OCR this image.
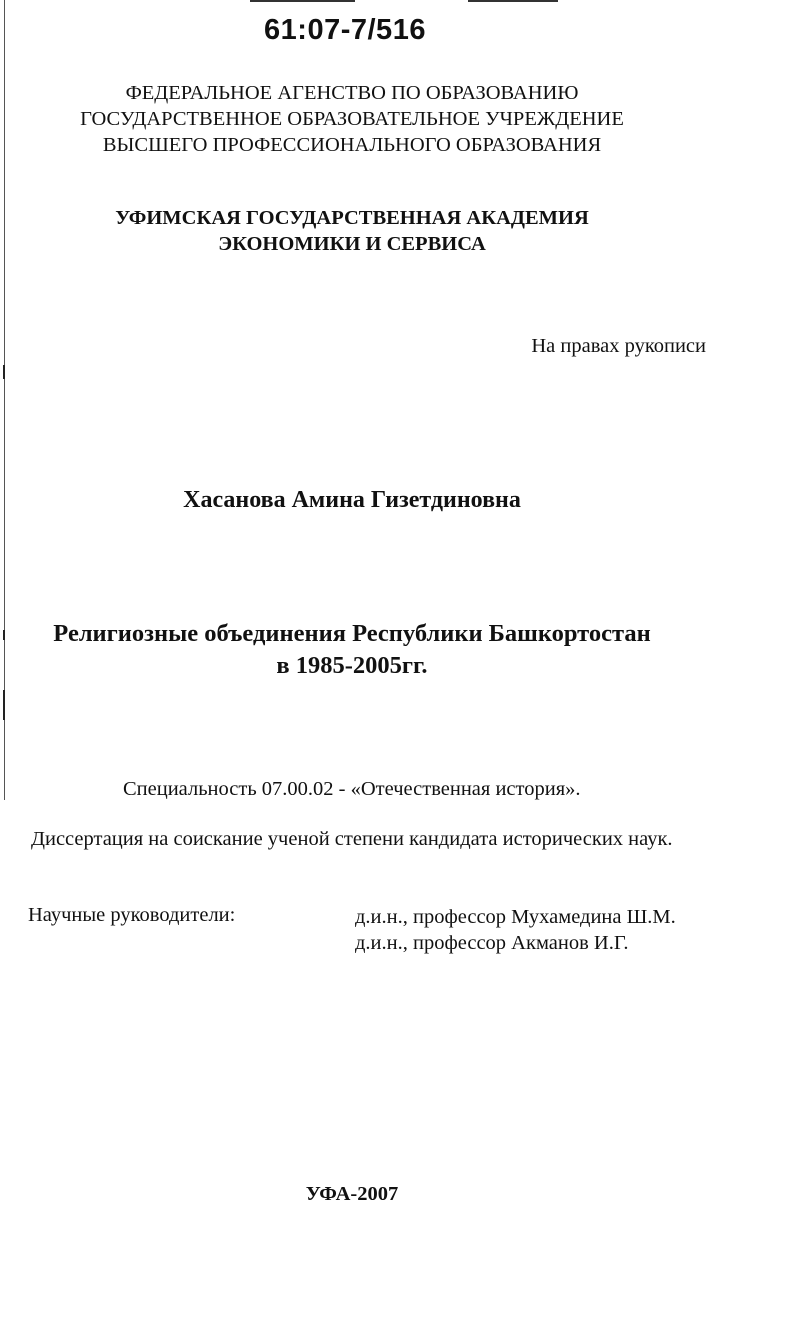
61:07-7/516
ФЕДЕРАЛЬНОЕ АГЕНСТВО ПО ОБРАЗОВАНИЮ
ГОСУДАРСТВЕННОЕ ОБРАЗОВАТЕЛЬНОЕ УЧРЕЖДЕНИЕ
ВЫСШЕГО ПРОФЕССИОНАЛЬНОГО ОБРАЗОВАНИЯ
УФИМСКАЯ ГОСУДАРСТВЕННАЯ АКАДЕМИЯ
ЭКОНОМИКИ И СЕРВИСА
На правах рукописи
Хасанова Амина Гизетдиновна
Религиозные объединения Республики Башкортостан
в 1985-2005гг.
Специальность 07.00.02 - «Отечественная история».
Диссертация на соискание ученой степени кандидата исторических наук.
Научные руководители:	д.и.н., профессор Мухамедина Ш.М.
д.и.н., профессор Акманов И.Г.
УФА-2007
